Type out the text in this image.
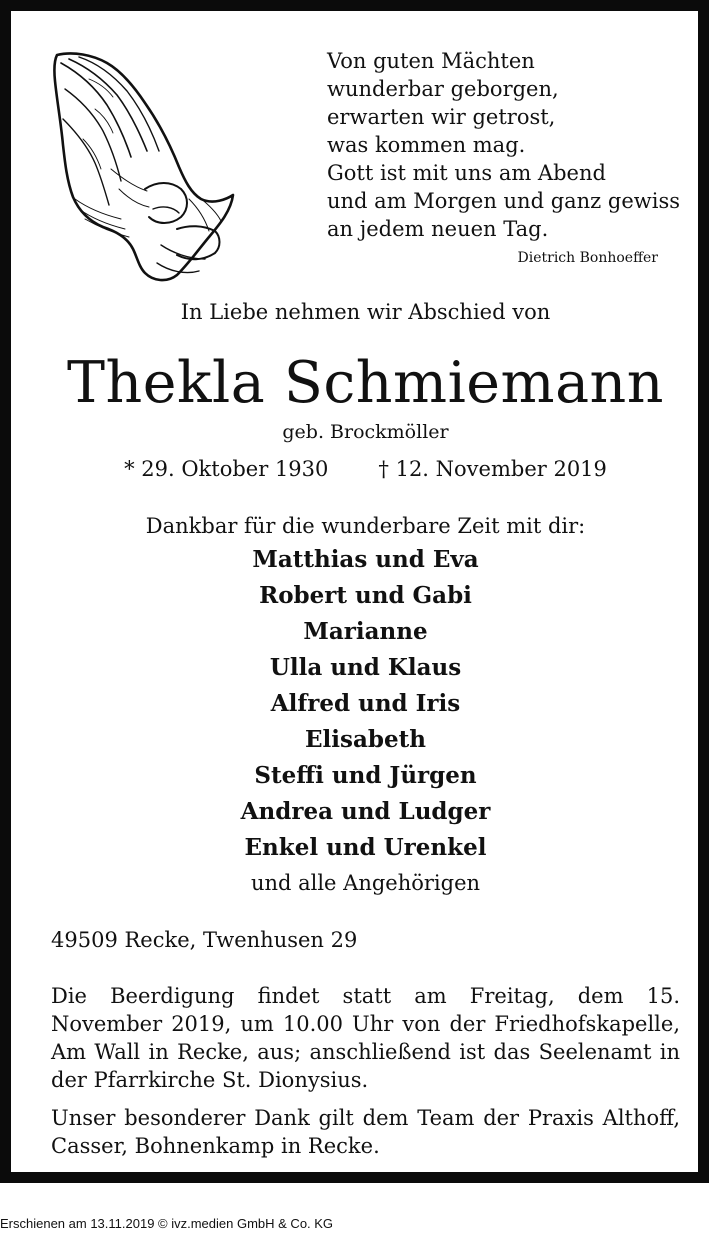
Von guten Mächten
wunderbar geborgen,
erwarten wir getrost,
was kommen mag.
Gott ist mit uns am Abend
und am Morgen und ganz gewiss
an jedem neuen Tag.
Dietrich Bonhoeffer
In Liebe nehmen wir Abschied von
Thekla Schmiemann
geb. Brockmöller
* 29. Oktober 1930 † 12. November 2019
Dankbar für die wunderbare Zeit mit dir:
Matthias und Eva
Robert und Gabi
Marianne
Ulla und Klaus
Alfred und Iris
Elisabeth
Steffi und Jürgen
Andrea und Ludger
Enkel und Urenkel
und alle Angehörigen
49509 Recke, Twenhusen 29

Die Beerdigung findet statt am Freitag, dem 15. November 2019, um 10.00 Uhr von der Friedhofskapelle, Am Wall in Recke, aus; anschließend ist das Seelenamt in der Pfarrkirche St. Dionysius.

Unser besonderer Dank gilt dem Team der Praxis Althoff, Casser, Bohnenkamp in Recke.

Erschienen am 13.11.2019 © ivz.medien GmbH & Co. KG
